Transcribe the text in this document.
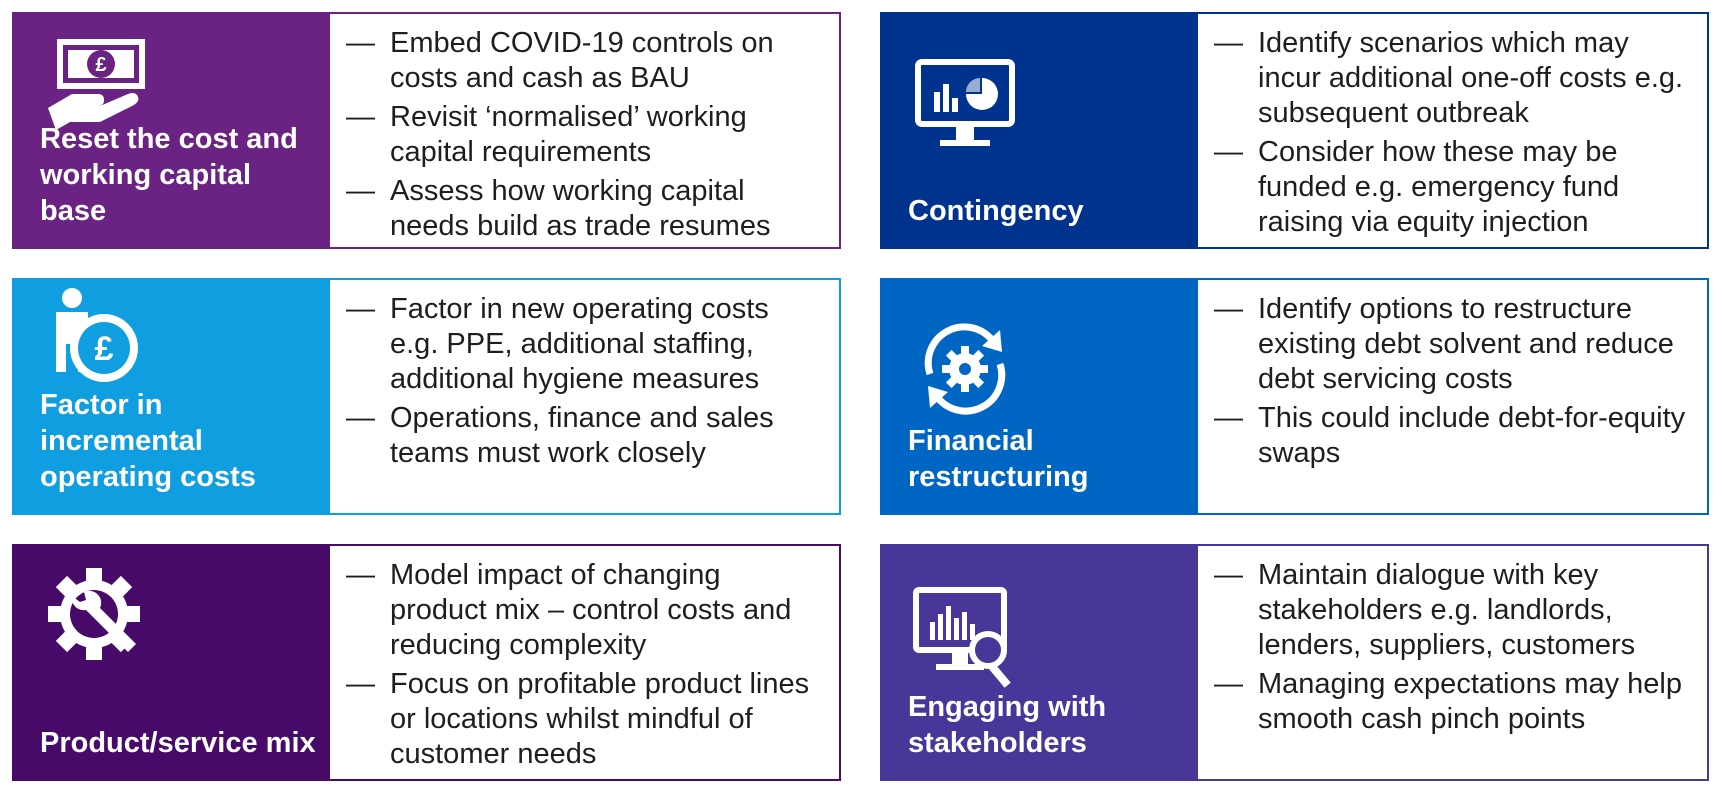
£
Reset the cost and working capital base
— Embed COVID-19 controls on costs and cash as BAU
— Revisit ‘normalised’ working capital requirements
— Assess how working capital needs build as trade resumes	Contingency
— Identify scenarios which may incur additional one-off costs e.g. subsequent outbreak
— Consider how these may be funded e.g. emergency fund raising via equity injection
£
Factor in incremental operating costs
— Factor in new operating costs e.g. PPE, additional staffing, additional hygiene measures
— Operations, finance and sales teams must work closely	Financial restructuring
— Identify options to restructure existing debt solvent and reduce debt servicing costs
— This could include debt-for-equity swaps
Product/service mix
— Model impact of changing product mix – control costs and reducing complexity
— Focus on profitable product lines or locations whilst mindful of customer needs
Engaging with stakeholders
— Maintain dialogue with key stakeholders e.g. landlords, lenders, suppliers, customers
— Managing expectations may help smooth cash pinch points
